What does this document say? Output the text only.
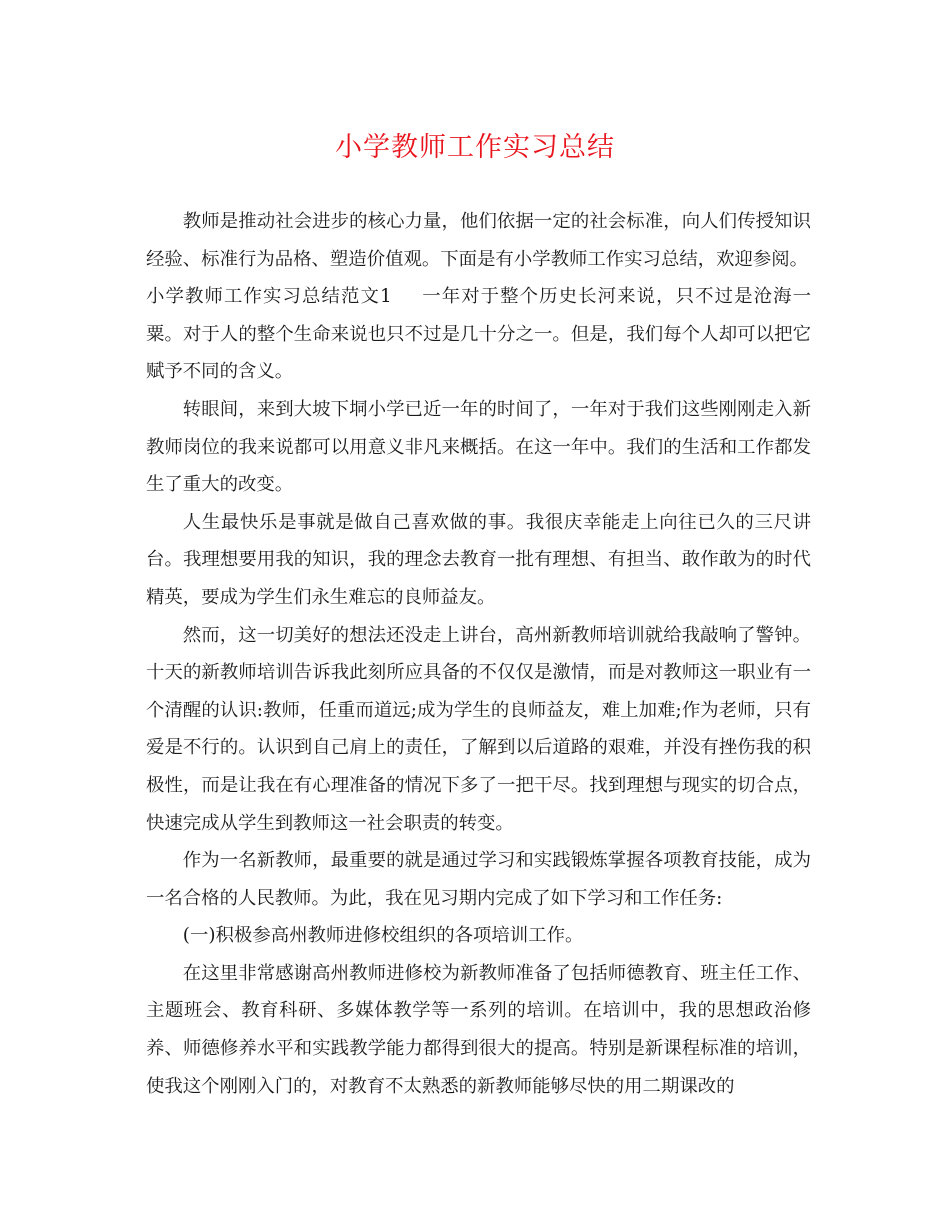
小学教师工作实习总结

教师是推动社会进步的核心力量，他们依据一定的社会标准，向人们传授知识经验、标准行为品格、塑造价值观。下面是有小学教师工作实习总结，欢迎参阅。

小学教师工作实习总结范文1 一年对于整个历史长河来说，只不过是沧海一粟。对于人的整个生命来说也只不过是几十分之一。但是，我们每个人却可以把它赋予不同的含义。

转眼间，来到大坡下垌小学已近一年的时间了，一年对于我们这些刚刚走入新教师岗位的我来说都可以用意义非凡来概括。在这一年中。我们的生活和工作都发生了重大的改变。

人生最快乐是事就是做自己喜欢做的事。我很庆幸能走上向往已久的三尺讲台。我理想要用我的知识，我的理念去教育一批有理想、有担当、敢作敢为的时代精英，要成为学生们永生难忘的良师益友。

然而，这一切美好的想法还没走上讲台，高州新教师培训就给我敲响了警钟。十天的新教师培训告诉我此刻所应具备的不仅仅是激情，而是对教师这一职业有一个清醒的认识:教师，任重而道远;成为学生的良师益友，难上加难;作为老师，只有爱是不行的。认识到自己肩上的责任，了解到以后道路的艰难，并没有挫伤我的积极性，而是让我在有心理准备的情况下多了一把干尽。找到理想与现实的切合点，快速完成从学生到教师这一社会职责的转变。

作为一名新教师，最重要的就是通过学习和实践锻炼掌握各项教育技能，成为一名合格的人民教师。为此，我在见习期内完成了如下学习和工作任务:

(一)积极参高州教师进修校组织的各项培训工作。

在这里非常感谢高州教师进修校为新教师准备了包括师德教育、班主任工作、主题班会、教育科研、多媒体教学等一系列的培训。在培训中，我的思想政治修养、师德修养水平和实践教学能力都得到很大的提高。特别是新课程标准的培训，使我这个刚刚入门的，对教育不太熟悉的新教师能够尽快的用二期课改的
